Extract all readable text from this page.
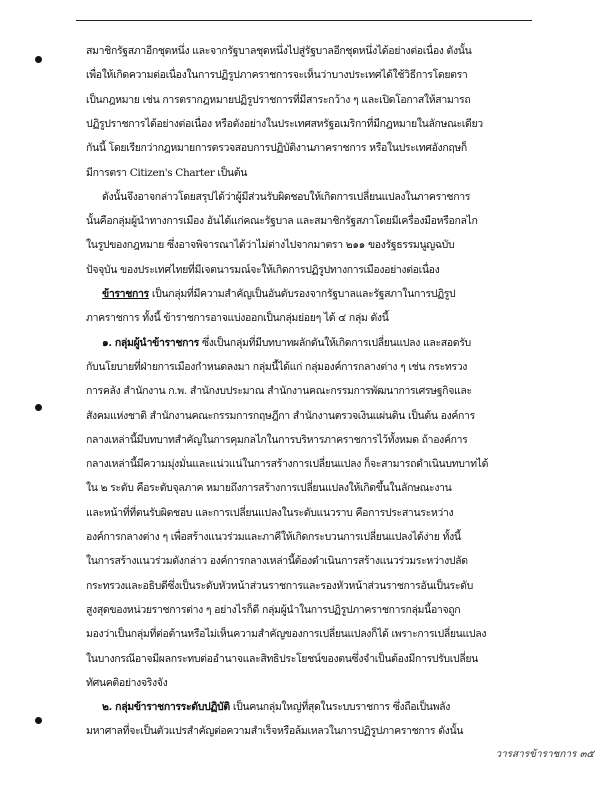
สมาชิกรัฐสภาอีกชุดหนึ่ง และจากรัฐบาลชุดหนึ่งไปสู่รัฐบาลอีกชุดหนึ่งได้อย่างต่อเนื่อง ดังนั้น
เพื่อให้เกิดความต่อเนื่องในการปฏิรูปภาคราชการจะเห็นว่าบางประเทศได้ใช้วิธีการโดยตรา
เป็นกฎหมาย เช่น การตรากฎหมายปฏิรูปราชการที่มีสาระกว้าง ๆ และเปิดโอกาสให้สามารถ
ปฏิรูปราชการได้อย่างต่อเนื่อง หรือดังอย่างในประเทศสหรัฐอเมริกาที่มีกฎหมายในลักษณะเดียว
กันนี้ โดยเรียกว่ากฎหมายการตรวจสอบการปฏิบัติงานภาคราชการ หรือในประเทศอังกฤษก็
มีการตรา Citizen's Charter เป็นต้น
ดังนั้นจึงอาจกล่าวโดยสรุปได้ว่าผู้มีส่วนรับผิดชอบให้เกิดการเปลี่ยนแปลงในภาคราชการ
นั้นคือกลุ่มผู้นำทางการเมือง อันได้แก่คณะรัฐบาล และสมาชิกรัฐสภาโดยมีเครื่องมือหรือกลไก
ในรูปของกฎหมาย ซึ่งอาจพิจารณาได้ว่าไม่ต่างไปจากมาตรา ๒๑๑ ของรัฐธรรมนูญฉบับ
ปัจจุบัน ของประเทศไทยที่มีเจตนารมณ์จะให้เกิดการปฏิรูปทางการเมืองอย่างต่อเนื่อง
ข้าราชการ เป็นกลุ่มที่มีความสำคัญเป็นอันดับรองจากรัฐบาลและรัฐสภาในการปฏิรูป
ภาคราชการ ทั้งนี้ ข้าราชการอาจแบ่งออกเป็นกลุ่มย่อยๆ ได้ ๔ กลุ่ม ดังนี้
๑. กลุ่มผู้นำข้าราชการ ซึ่งเป็นกลุ่มที่มีบทบาทผลักดันให้เกิดการเปลี่ยนแปลง และสอดรับ
กับนโยบายที่ฝ่ายการเมืองกำหนดลงมา กลุ่มนี้ได้แก่ กลุ่มองค์การกลางต่าง ๆ เช่น กระทรวง
การคลัง สำนักงาน ก.พ. สำนักงบประมาณ สำนักงานคณะกรรมการพัฒนาการเศรษฐกิจและ
สังคมแห่งชาติ สำนักงานคณะกรรมการกฤษฎีกา สำนักงานตรวจเงินแผ่นดิน เป็นต้น องค์การ
กลางเหล่านี้มีบทบาทสำคัญในการคุมกลไกในการบริหารภาคราชการไว้ทั้งหมด ถ้าองค์การ
กลางเหล่านี้มีความมุ่งมั่นและแน่วแน่ในการสร้างการเปลี่ยนแปลง ก็จะสามารถดำเนินบทบาทได้
ใน ๒ ระดับ คือระดับจุลภาค หมายถึงการสร้างการเปลี่ยนแปลงให้เกิดขึ้นในลักษณะงาน
และหน้าที่ที่ตนรับผิดชอบ และการเปลี่ยนแปลงในระดับแนวราบ คือการประสานระหว่าง
องค์การกลางต่าง ๆ เพื่อสร้างแนวร่วมและภาคีให้เกิดกระบวนการเปลี่ยนแปลงได้ง่าย ทั้งนี้
ในการสร้างแนวร่วมดังกล่าว องค์การกลางเหล่านี้ต้องดำเนินการสร้างแนวร่วมระหว่างปลัด
กระทรวงและอธิบดีซึ่งเป็นระดับหัวหน้าส่วนราชการและรองหัวหน้าส่วนราชการอันเป็นระดับ
สูงสุดของหน่วยราชการต่าง ๆ อย่างไรก็ดี กลุ่มผู้นำในการปฏิรูปภาคราชการกลุ่มนี้อาจถูก
มองว่าเป็นกลุ่มที่ต่อต้านหรือไม่เห็นความสำคัญของการเปลี่ยนแปลงก็ได้ เพราะการเปลี่ยนแปลง
ในบางกรณีอาจมีผลกระทบต่ออำนาจและสิทธิประโยชน์ของตนซึ่งจำเป็นต้องมีการปรับเปลี่ยน
ทัศนคติอย่างจริงจัง
๒. กลุ่มข้าราชการระดับปฏิบัติ เป็นคนกลุ่มใหญ่ที่สุดในระบบราชการ ซึ่งถือเป็นพลัง
มหาศาลที่จะเป็นตัวแปรสำคัญต่อความสำเร็จหรือล้มเหลวในการปฏิรูปภาคราชการ ดังนั้น
วารสารข้าราชการ ๓๕
